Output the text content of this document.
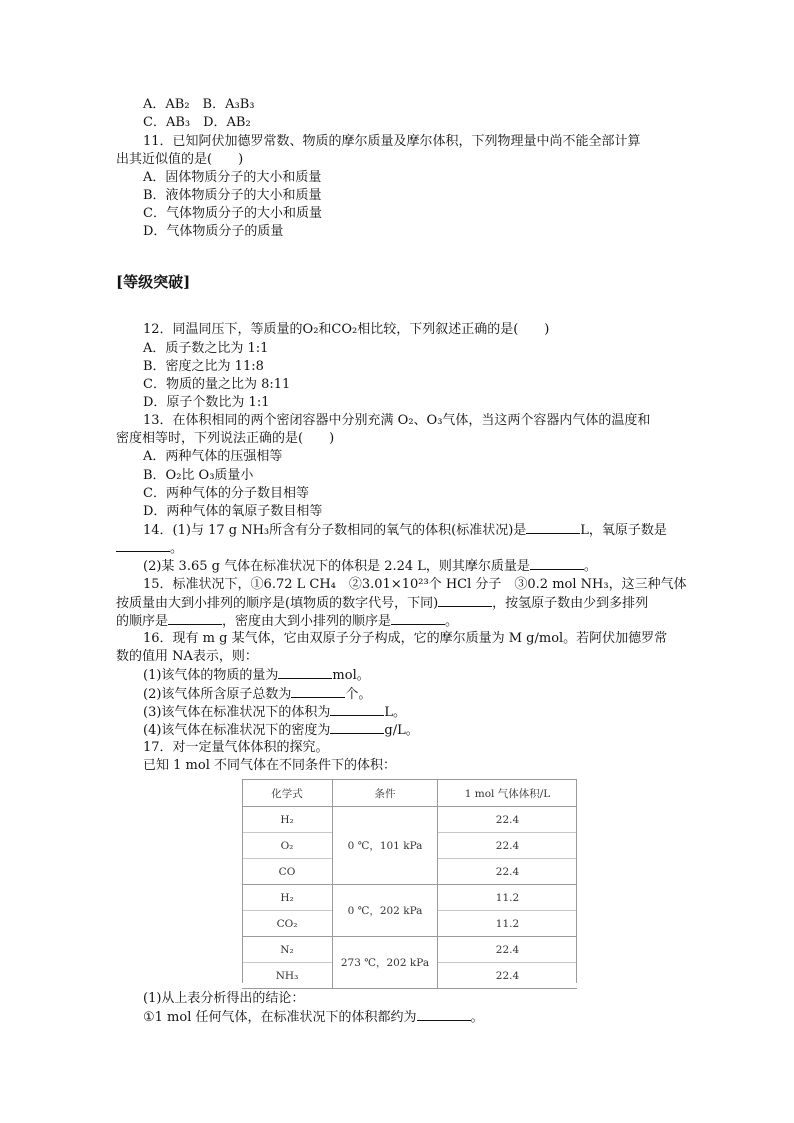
A．AB₂　B．A₃B₃
C．AB₃　D．AB₂
11．已知阿伏加德罗常数、物质的摩尔质量及摩尔体积，下列物理量中尚不能全部计算
出其近似值的是(　　)
A．固体物质分子的大小和质量
B．液体物质分子的大小和质量
C．气体物质分子的大小和质量
D．气体物质分子的质量
[等级突破]
12．同温同压下，等质量的O₂和CO₂相比较，下列叙述正确的是(　　)
A．质子数之比为 1:1
B．密度之比为 11:8
C．物质的量之比为 8:11
D．原子个数比为 1:1
13．在体积相同的两个密闭容器中分别充满 O₂、O₃气体，当这两个容器内气体的温度和
密度相等时，下列说法正确的是(　　)
A．两种气体的压强相等
B．O₂比 O₃质量小
C．两种气体的分子数目相等
D．两种气体的氧原子数目相等
14．(1)与 17 g NH₃所含有分子数相同的氧气的体积(标准状况)是	L，氧原子数是
。
(2)某 3.65 g 气体在标准状况下的体积是 2.24 L，则其摩尔质量是	。
15．标准状况下，①6.72 L CH₄　②3.01×10²³个 HCl 分子　③0.2 mol NH₃，这三种气体
按质量由大到小排列的顺序是(填物质的数字代号，下同)	，按氢原子数由少到多排列
的顺序是	，密度由大到小排列的顺序是	。
16．现有 m g 某气体，它由双原子分子构成，它的摩尔质量为 M g/mol。若阿伏加德罗常
数的值用 NA表示，则：
(1)该气体的物质的量为	mol。
(2)该气体所含原子总数为	个。
(3)该气体在标准状况下的体积为	L。
(4)该气体在标准状况下的密度为	g/L。
17．对一定量气体体积的探究。
已知 1 mol 不同气体在不同条件下的体积：
化学式	条件	1 mol 气体体积/L
H₂	0 ℃，101 kPa	22.4
O₂		22.4
CO		22.4
H₂	0 ℃，202 kPa	11.2
CO₂		11.2
N₂	273 ℃，202 kPa	22.4
NH₃		22.4
(1)从上表分析得出的结论：
①1 mol 任何气体，在标准状况下的体积都约为	。
